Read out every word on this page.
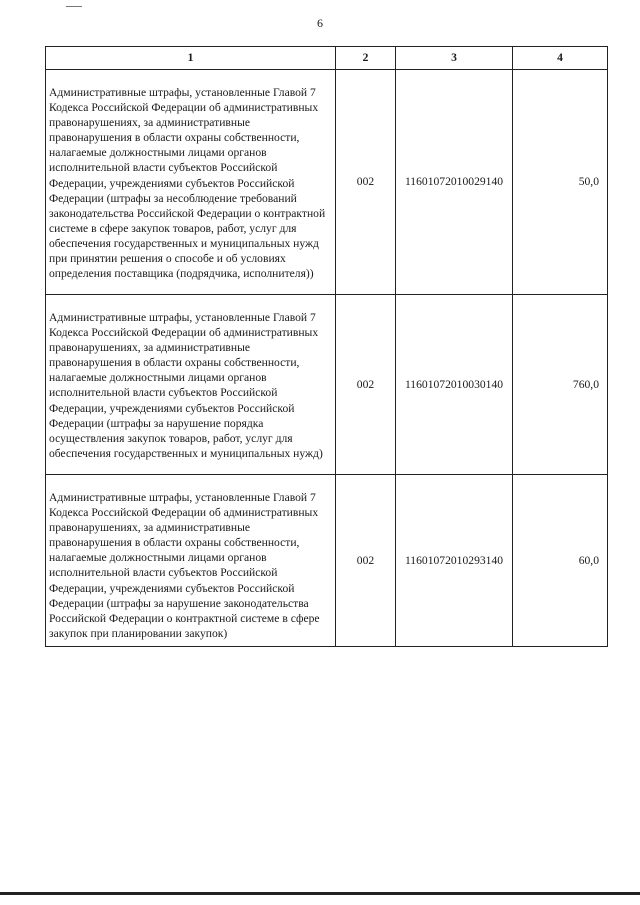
6
1	2	3	4
Административные штрафы, установленные Главой 7 Кодекса Российской Федерации об административных правонарушениях, за административные правонарушения в области охраны собственности, налагаемые должностными лицами органов исполнительной власти субъектов Российской Федерации, учреждениями субъектов Российской Федерации (штрафы за несоблюдение требований законодательства Российской Федерации о контрактной системе в сфере закупок товаров, работ, услуг для обеспечения государственных и муниципальных нужд при принятии решения о способе и об условиях определения поставщика (подрядчика, исполнителя))	002	11601072010029140	50,0
Административные штрафы, установленные Главой 7 Кодекса Российской Федерации об административных правонарушениях, за административные правонарушения в области охраны собственности, налагаемые должностными лицами органов исполнительной власти субъектов Российской Федерации, учреждениями субъектов Российской Федерации (штрафы за нарушение порядка осуществления закупок товаров, работ, услуг для обеспечения государственных и муниципальных нужд)	002	11601072010030140	760,0
Административные штрафы, установленные Главой 7 Кодекса Российской Федерации об административных правонарушениях, за административные правонарушения в области охраны собственности, налагаемые должностными лицами органов исполнительной власти субъектов Российской Федерации, учреждениями субъектов Российской Федерации (штрафы за нарушение законодательства Российской Федерации о контрактной системе в сфере закупок при планировании закупок)	002	11601072010293140	60,0
